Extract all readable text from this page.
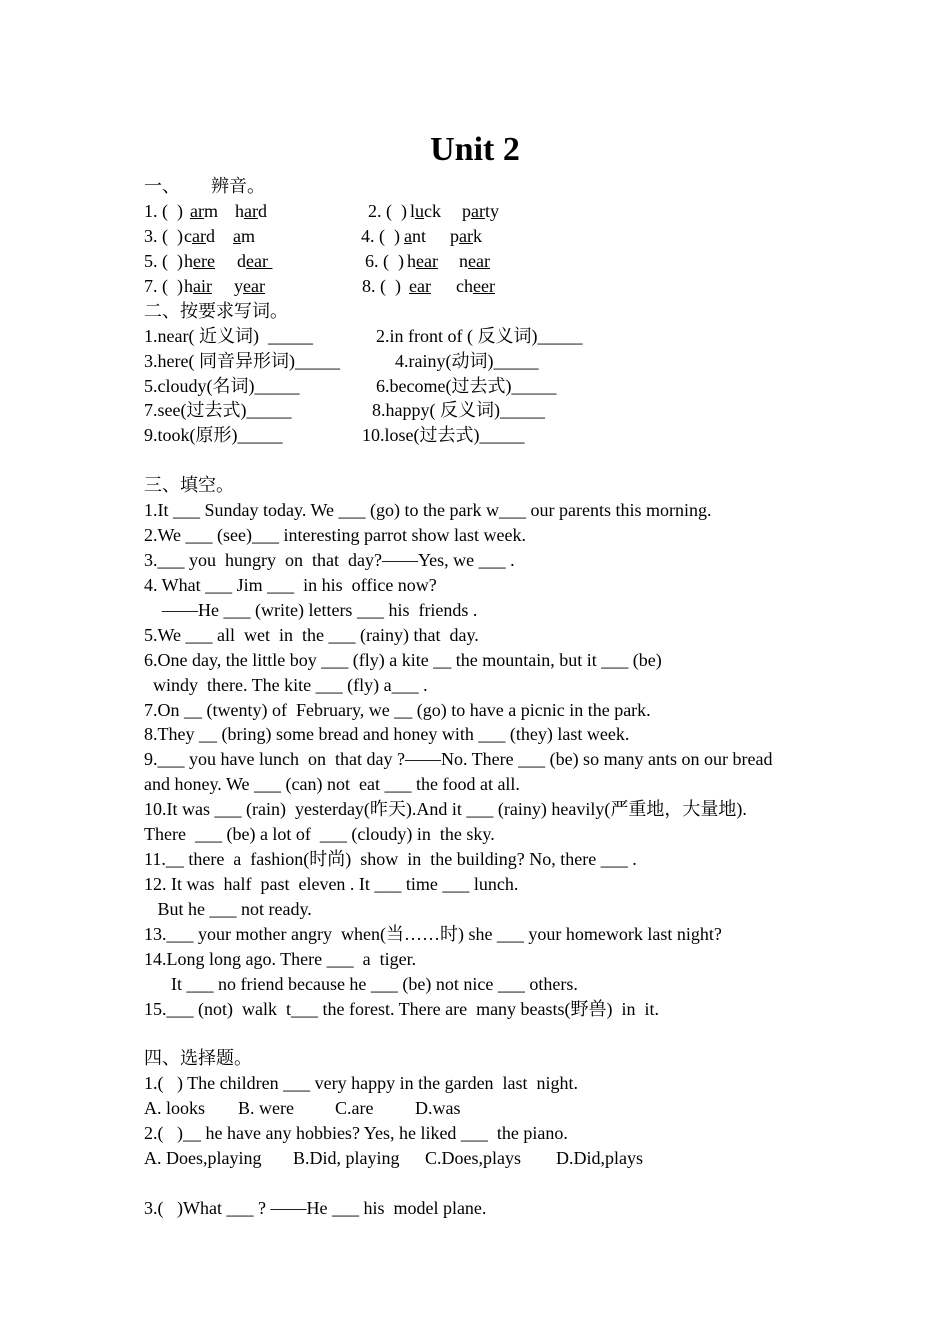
Unit 2
一、 辨音。
1. (  ) arm hard	2. (  ) luck party
3. (  ) card am	4. (  ) ant park
5. (  ) here dear	6. (  ) hear near
7. (  ) hair year	8. (  ) ear cheer
二、按要求写词。
1.near( 近义词)  _____	2.in front of ( 反义词)_____
3.here( 同音异形词)_____	4.rainy(动词)_____
5.cloudy(名词)_____	6.become(过去式)_____
7.see(过去式)_____	8.happy( 反义词)_____
9.took(原形)_____	10.lose(过去式)_____
三、填空。
1.It ___ Sunday today. We ___ (go) to the park w___ our parents this morning.
2.We ___ (see)___ interesting parrot show last week.
3.___ you  hungry  on  that  day?——Yes, we ___ .
4. What ___ Jim ___  in his  office now?
——He ___ (write) letters ___ his  friends .
5.We ___ all  wet  in  the ___ (rainy) that  day.
6.One day, the little boy ___ (fly) a kite __ the mountain, but it ___ (be)
windy  there. The kite ___ (fly) a___ .
7.On __ (twenty) of  February, we __ (go) to have a picnic in the park.
8.They __ (bring) some bread and honey with ___ (they) last week.
9.___ you have lunch  on  that day ?——No. There ___ (be) so many ants on our bread
and honey. We ___ (can) not  eat ___ the food at all.
10.It was ___ (rain)  yesterday(昨天).And it ___ (rainy) heavily(严重地，大量地).
There  ___ (be) a lot of  ___ (cloudy) in  the sky.
11.__ there  a  fashion(时尚)  show  in  the building? No, there ___ .
12. It was  half  past  eleven . It ___ time ___ lunch.
But he ___ not ready.
13.___ your mother angry  when(当……时) she ___ your homework last night?
14.Long long ago. There ___  a  tiger.
It ___ no friend because he ___ (be) not nice ___ others.
15.___ (not)  walk  t___ the forest. There are  many beasts(野兽)  in  it.
四、选择题。
1.(   ) The children ___ very happy in the garden  last  night.
A. looks B. were C.are D.was
2.(   )__ he have any hobbies? Yes, he liked ___  the piano.
A. Does,playing B.Did, playing C.Does,plays D.Did,plays
3.(   )What ___ ? ——He ___ his  model plane.
